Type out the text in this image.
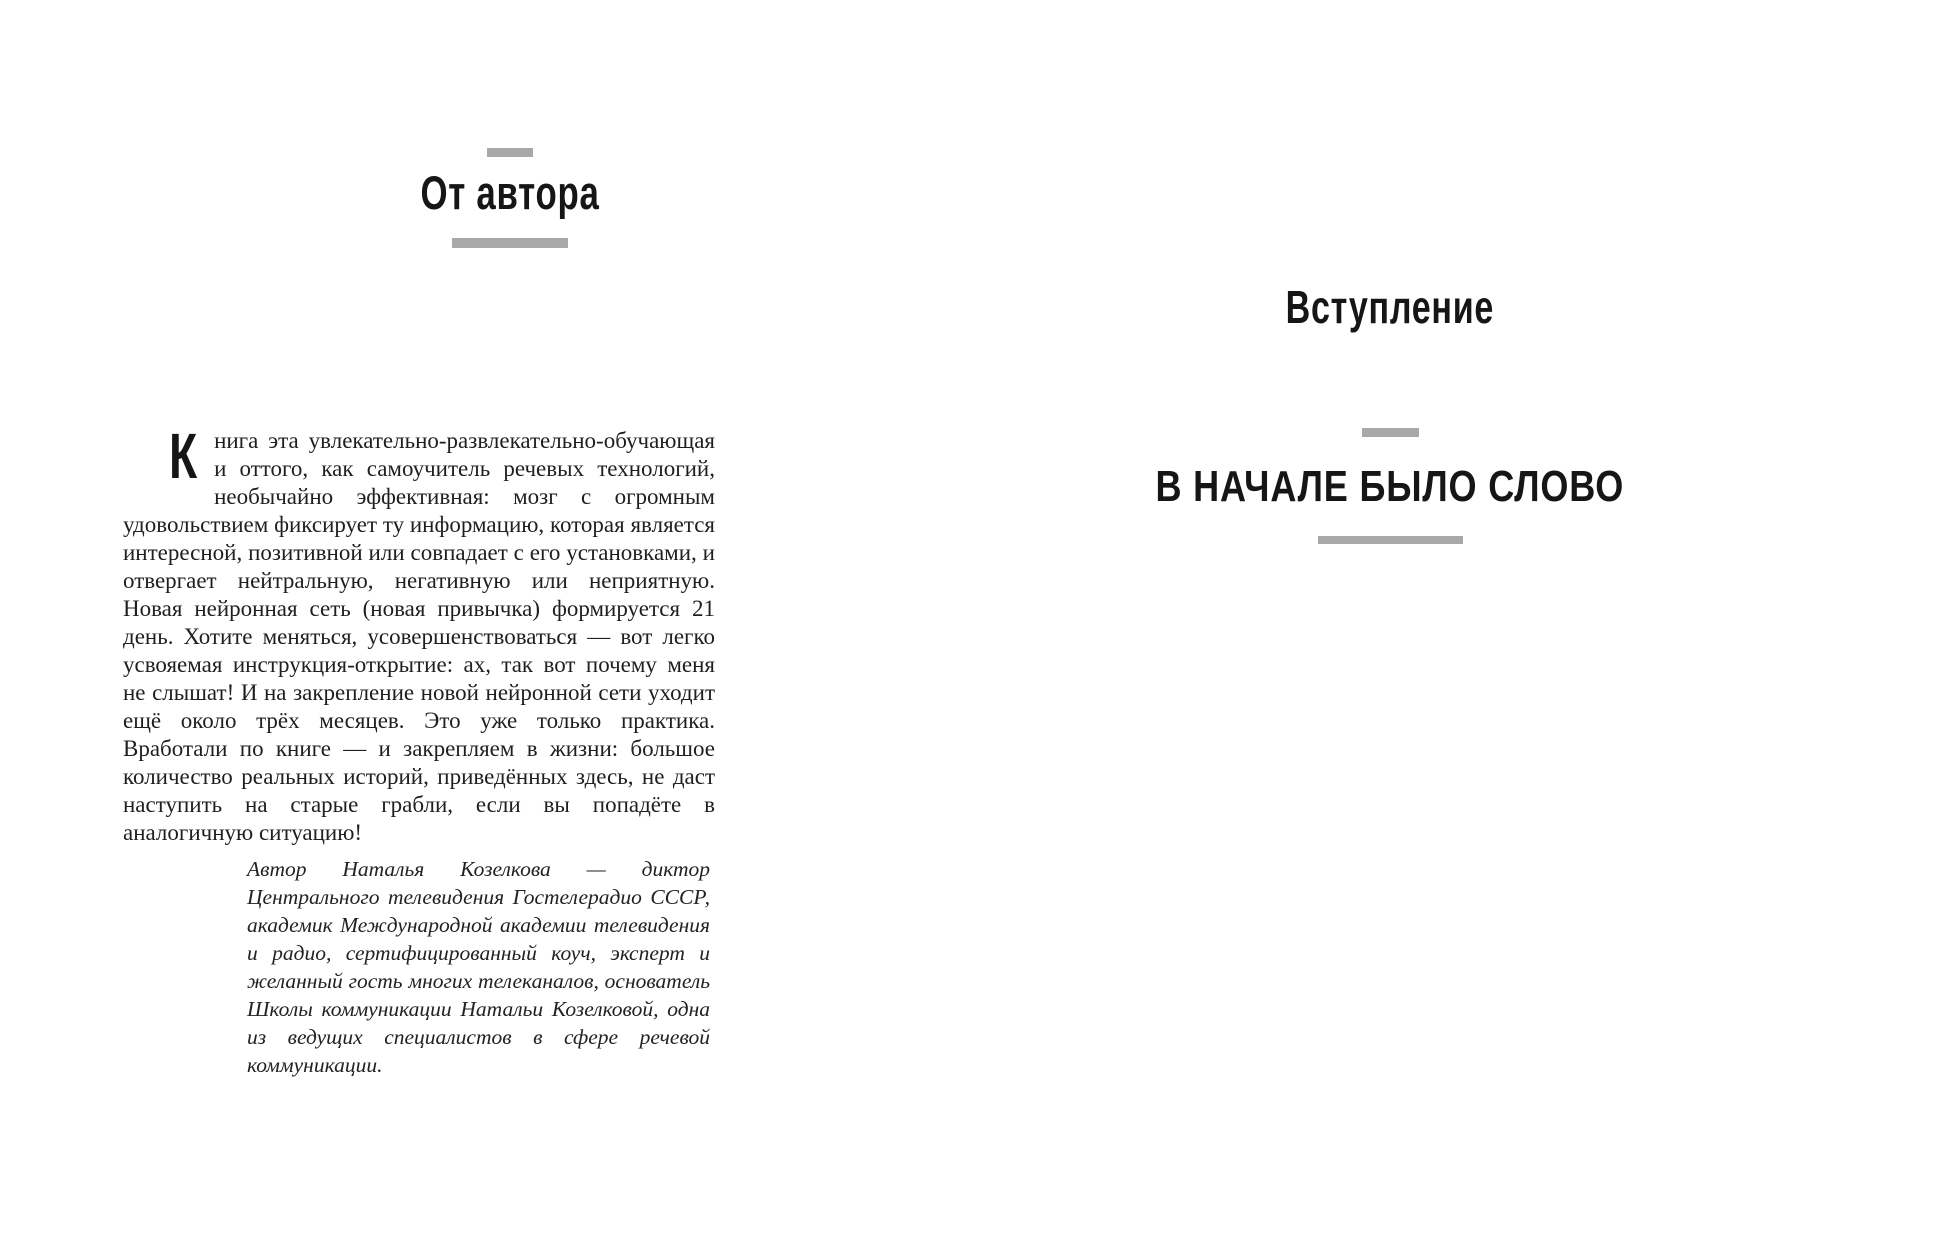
От автора

Книга эта увлекательно-развлекательно-обучающая и оттого, как самоучитель речевых технологий, необычайно эффективная: мозг с огромным удовольствием фиксирует ту информацию, которая является интересной, позитивной или совпадает с его установками, и отвергает нейтральную, негативную или неприятную. Новая нейронная сеть (новая привычка) формируется 21 день. Хотите меняться, усовершенствоваться — вот легко усвояемая инструкция-открытие: ах, так вот почему меня не слышат! И на закрепление новой нейронной сети уходит ещё около трёх месяцев. Это уже только практика. Вработали по книге — и закрепляем в жизни: большое количество реальных историй, приведённых здесь, не даст наступить на старые грабли, если вы попадёте в аналогичную ситуацию!

Автор Наталья Козелкова — диктор Центрального телевидения Гостелерадио СССР, академик Международной академии телевидения и радио, сертифицированный коуч, эксперт и желанный гость многих телеканалов, основатель Школы коммуникации Натальи Козелковой, одна из ведущих специалистов в сфере речевой коммуникации.

Вступление
В НАЧАЛЕ БЫЛО СЛОВО
